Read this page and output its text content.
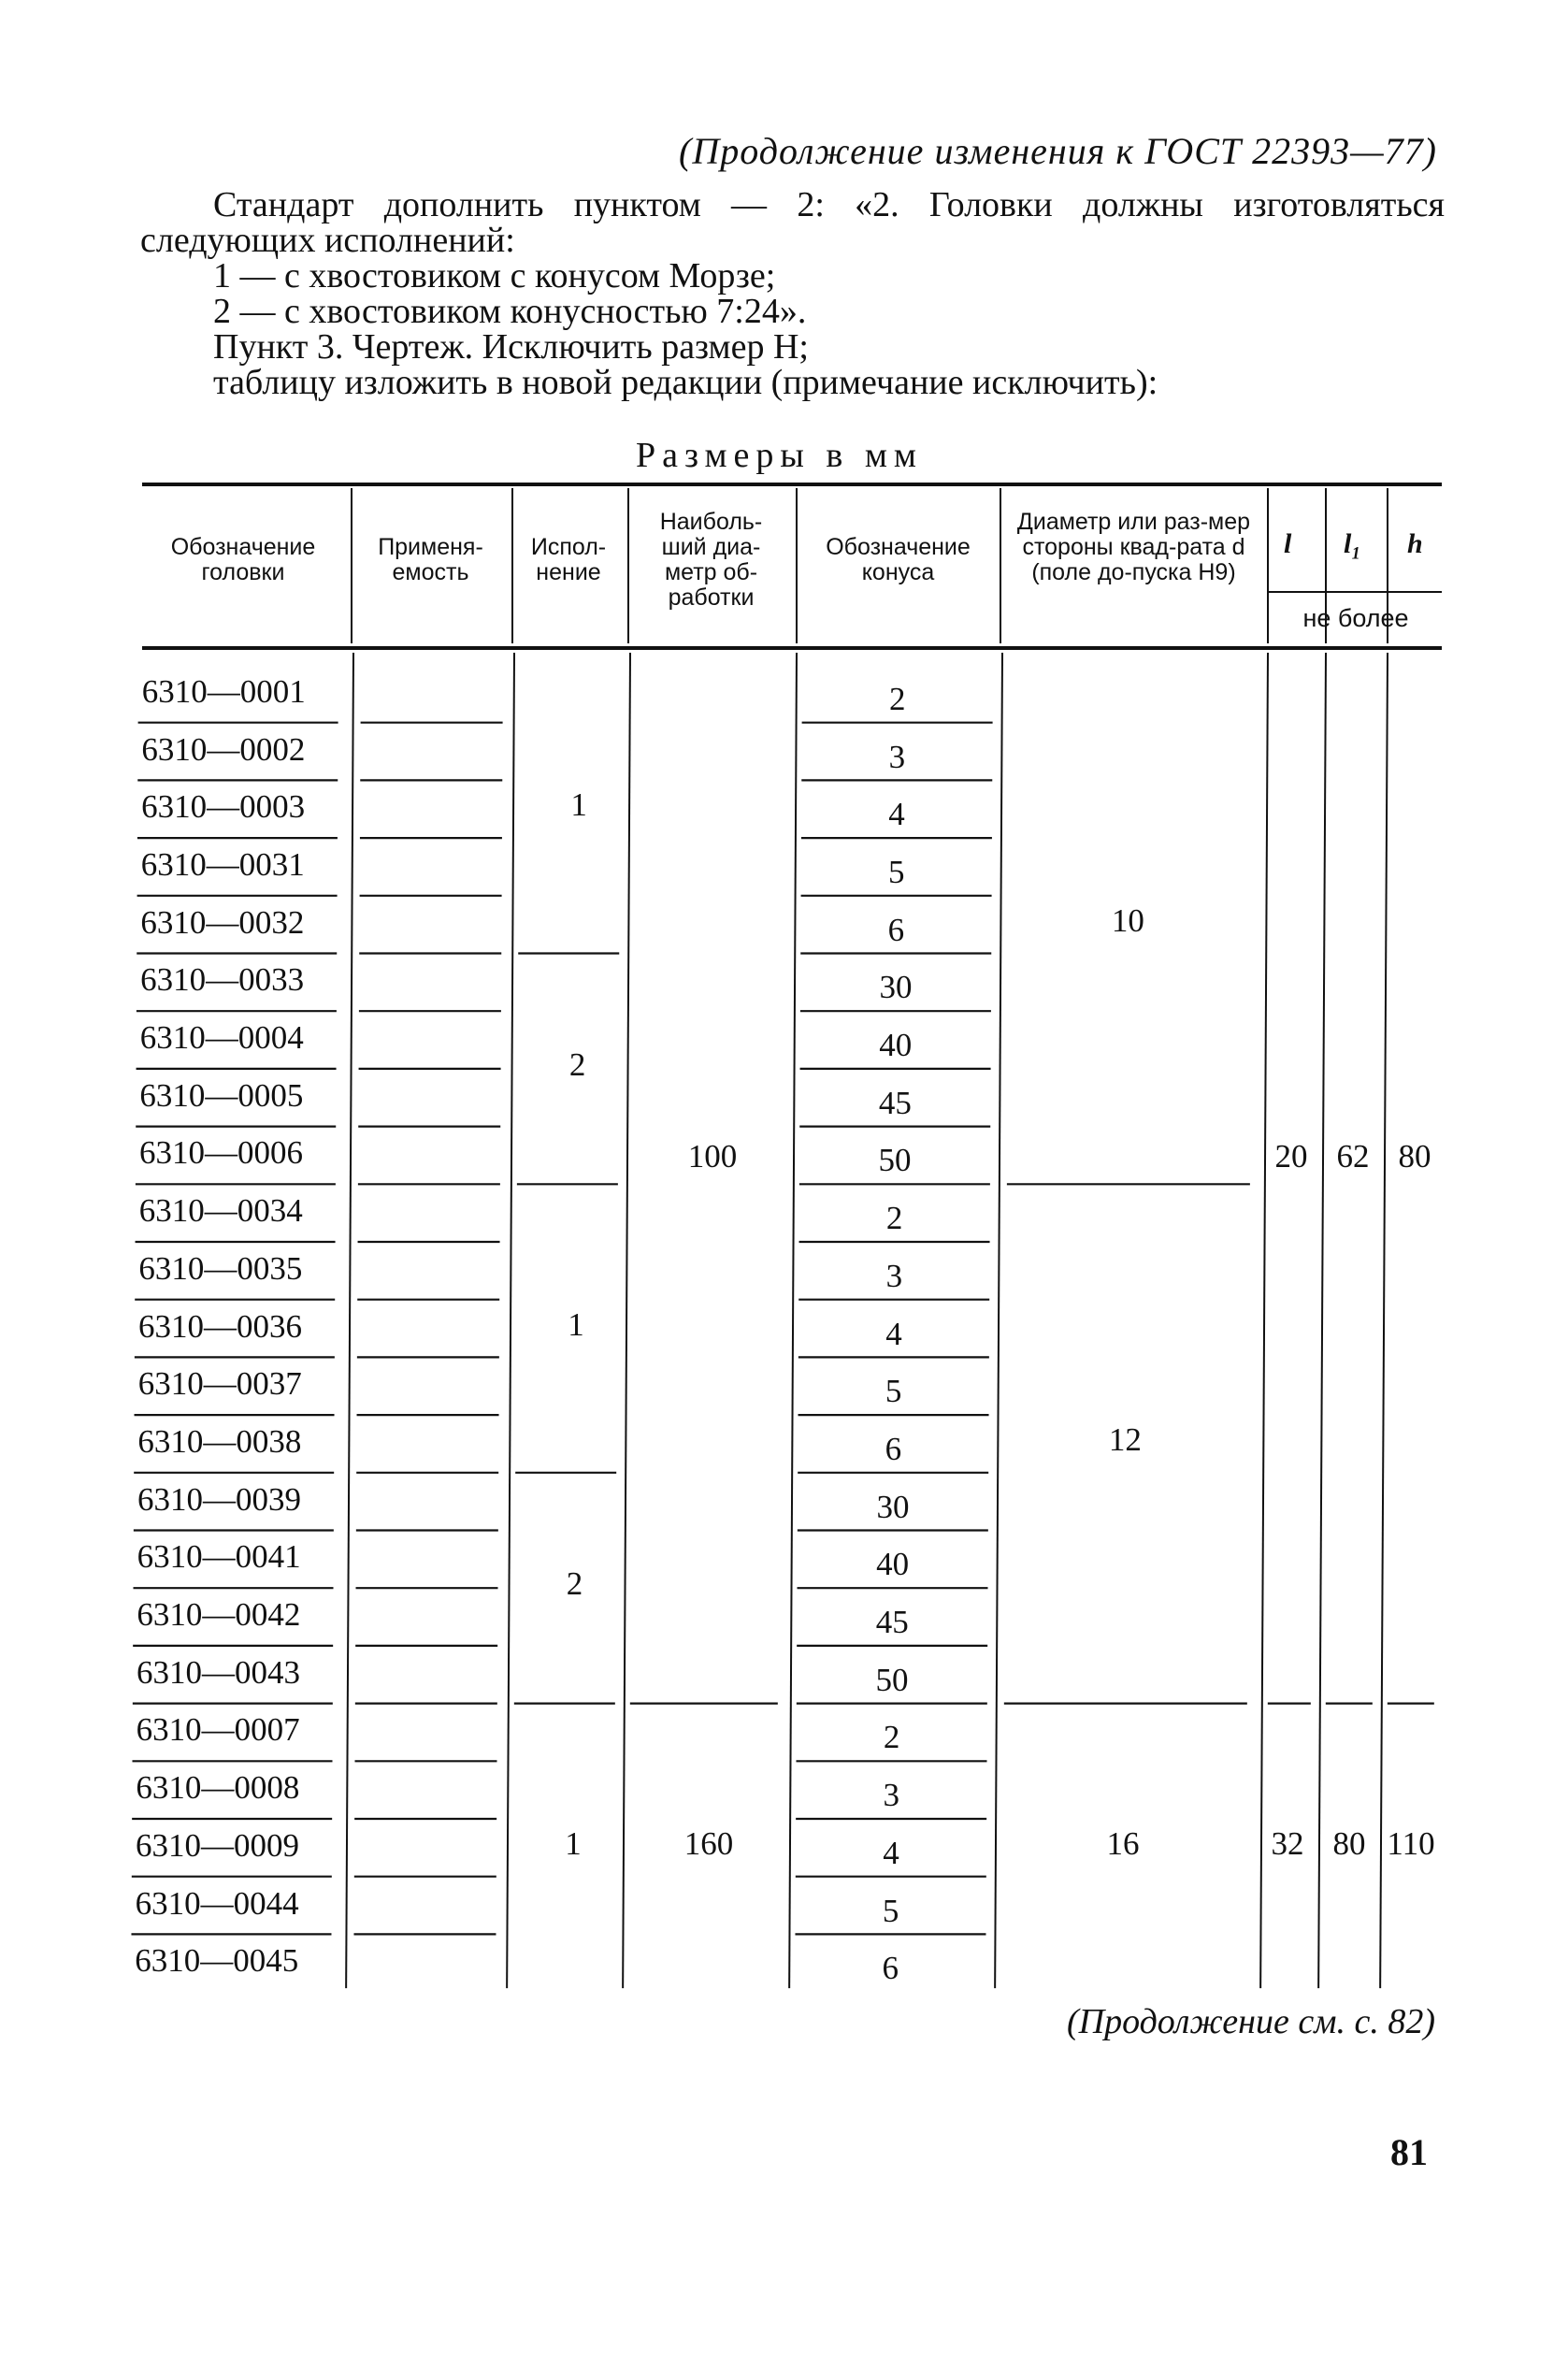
(Продолжение изменения к ГОСТ 22393—77)
Стандарт дополнить пунктом — 2: «2. Головки должны изготовляться
следующих исполнений:
1 — с хвостовиком с конусом Морзе;
2 — с хвостовиком конусностью 7:24».
Пункт 3. Чертеж. Исключить размер H;
таблицу изложить в новой редакции (примечание исключить):
Размеры в мм
Обозначение головки
Применя-емость
Испол-нение
Наиболь-ший диа-метр об-работки
Обозначение конуса
Диаметр или раз-мер стороны квад-рата d (поле до-пуска H9)
l l₁ h
не более
6310—0001
6310—0002
6310—0003
6310—0031
6310—0032
6310—0033
6310—0004
6310—0005
6310—0006
6310—0034
6310—0035
6310—0036
6310—0037
6310—0038
6310—0039
6310—0041
6310—0042
6310—0043
6310—0007
6310—0008
6310—0009
6310—0044
6310—0045
2
3
4
5
6
30
40
45
50
2
3
4
5
6
30
40
45
50
2
3
4
5
6
1
2
1
2
1
100
160
10
12
16
20 62 80
32 80 110
(Продолжение см. с. 82)
81
